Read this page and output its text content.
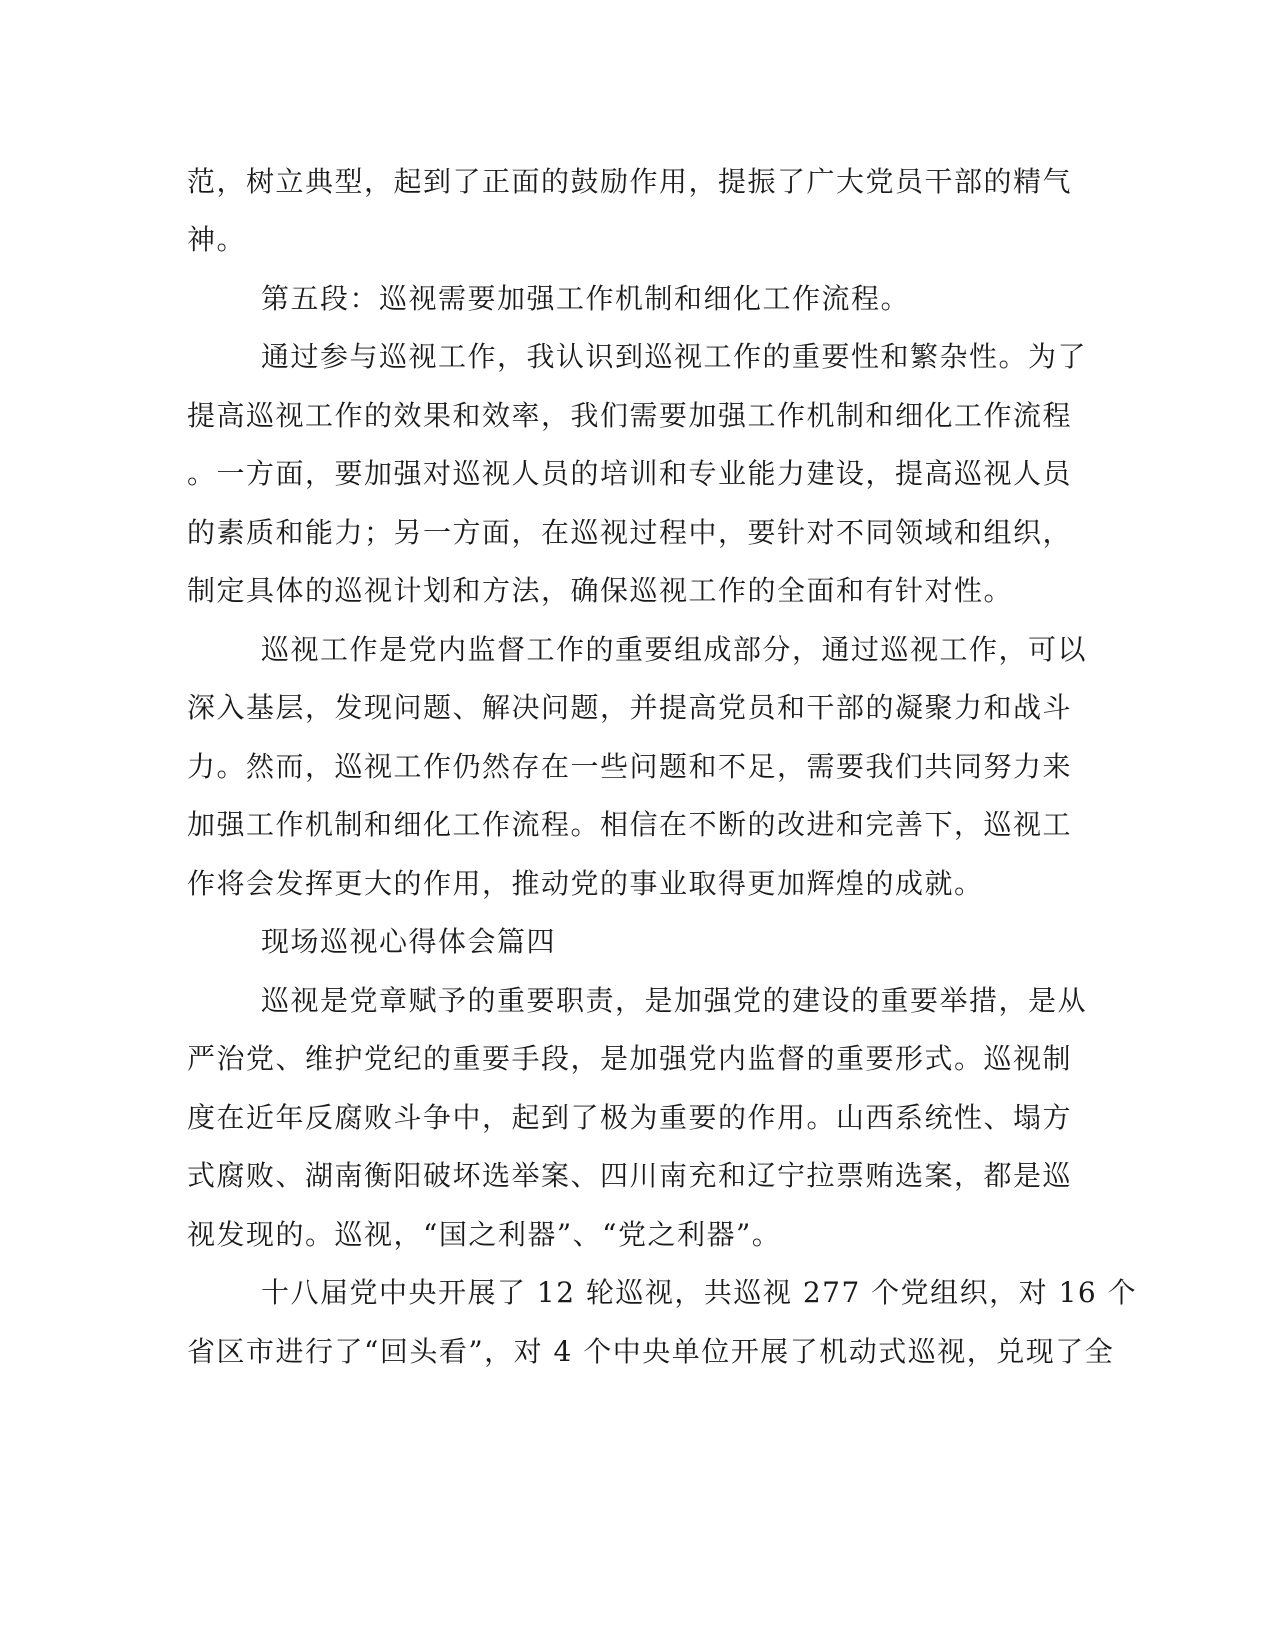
范，树立典型，起到了正面的鼓励作用，提振了广大党员干部的精气
神。
第五段：巡视需要加强工作机制和细化工作流程。
通过参与巡视工作，我认识到巡视工作的重要性和繁杂性。为了
提高巡视工作的效果和效率，我们需要加强工作机制和细化工作流程
。一方面，要加强对巡视人员的培训和专业能力建设，提高巡视人员
的素质和能力；另一方面，在巡视过程中，要针对不同领域和组织，
制定具体的巡视计划和方法，确保巡视工作的全面和有针对性。
巡视工作是党内监督工作的重要组成部分，通过巡视工作，可以
深入基层，发现问题、解决问题，并提高党员和干部的凝聚力和战斗
力。然而，巡视工作仍然存在一些问题和不足，需要我们共同努力来
加强工作机制和细化工作流程。相信在不断的改进和完善下，巡视工
作将会发挥更大的作用，推动党的事业取得更加辉煌的成就。
现场巡视心得体会篇四
巡视是党章赋予的重要职责，是加强党的建设的重要举措，是从
严治党、维护党纪的重要手段，是加强党内监督的重要形式。巡视制
度在近年反腐败斗争中，起到了极为重要的作用。山西系统性、塌方
式腐败、湖南衡阳破坏选举案、四川南充和辽宁拉票贿选案，都是巡
视发现的。巡视，“国之利器”、“党之利器”。
十八届党中央开展了 12 轮巡视，共巡视 277 个党组织，对 16 个
省区市进行了“回头看”，对 4 个中央单位开展了机动式巡视，兑现了全
